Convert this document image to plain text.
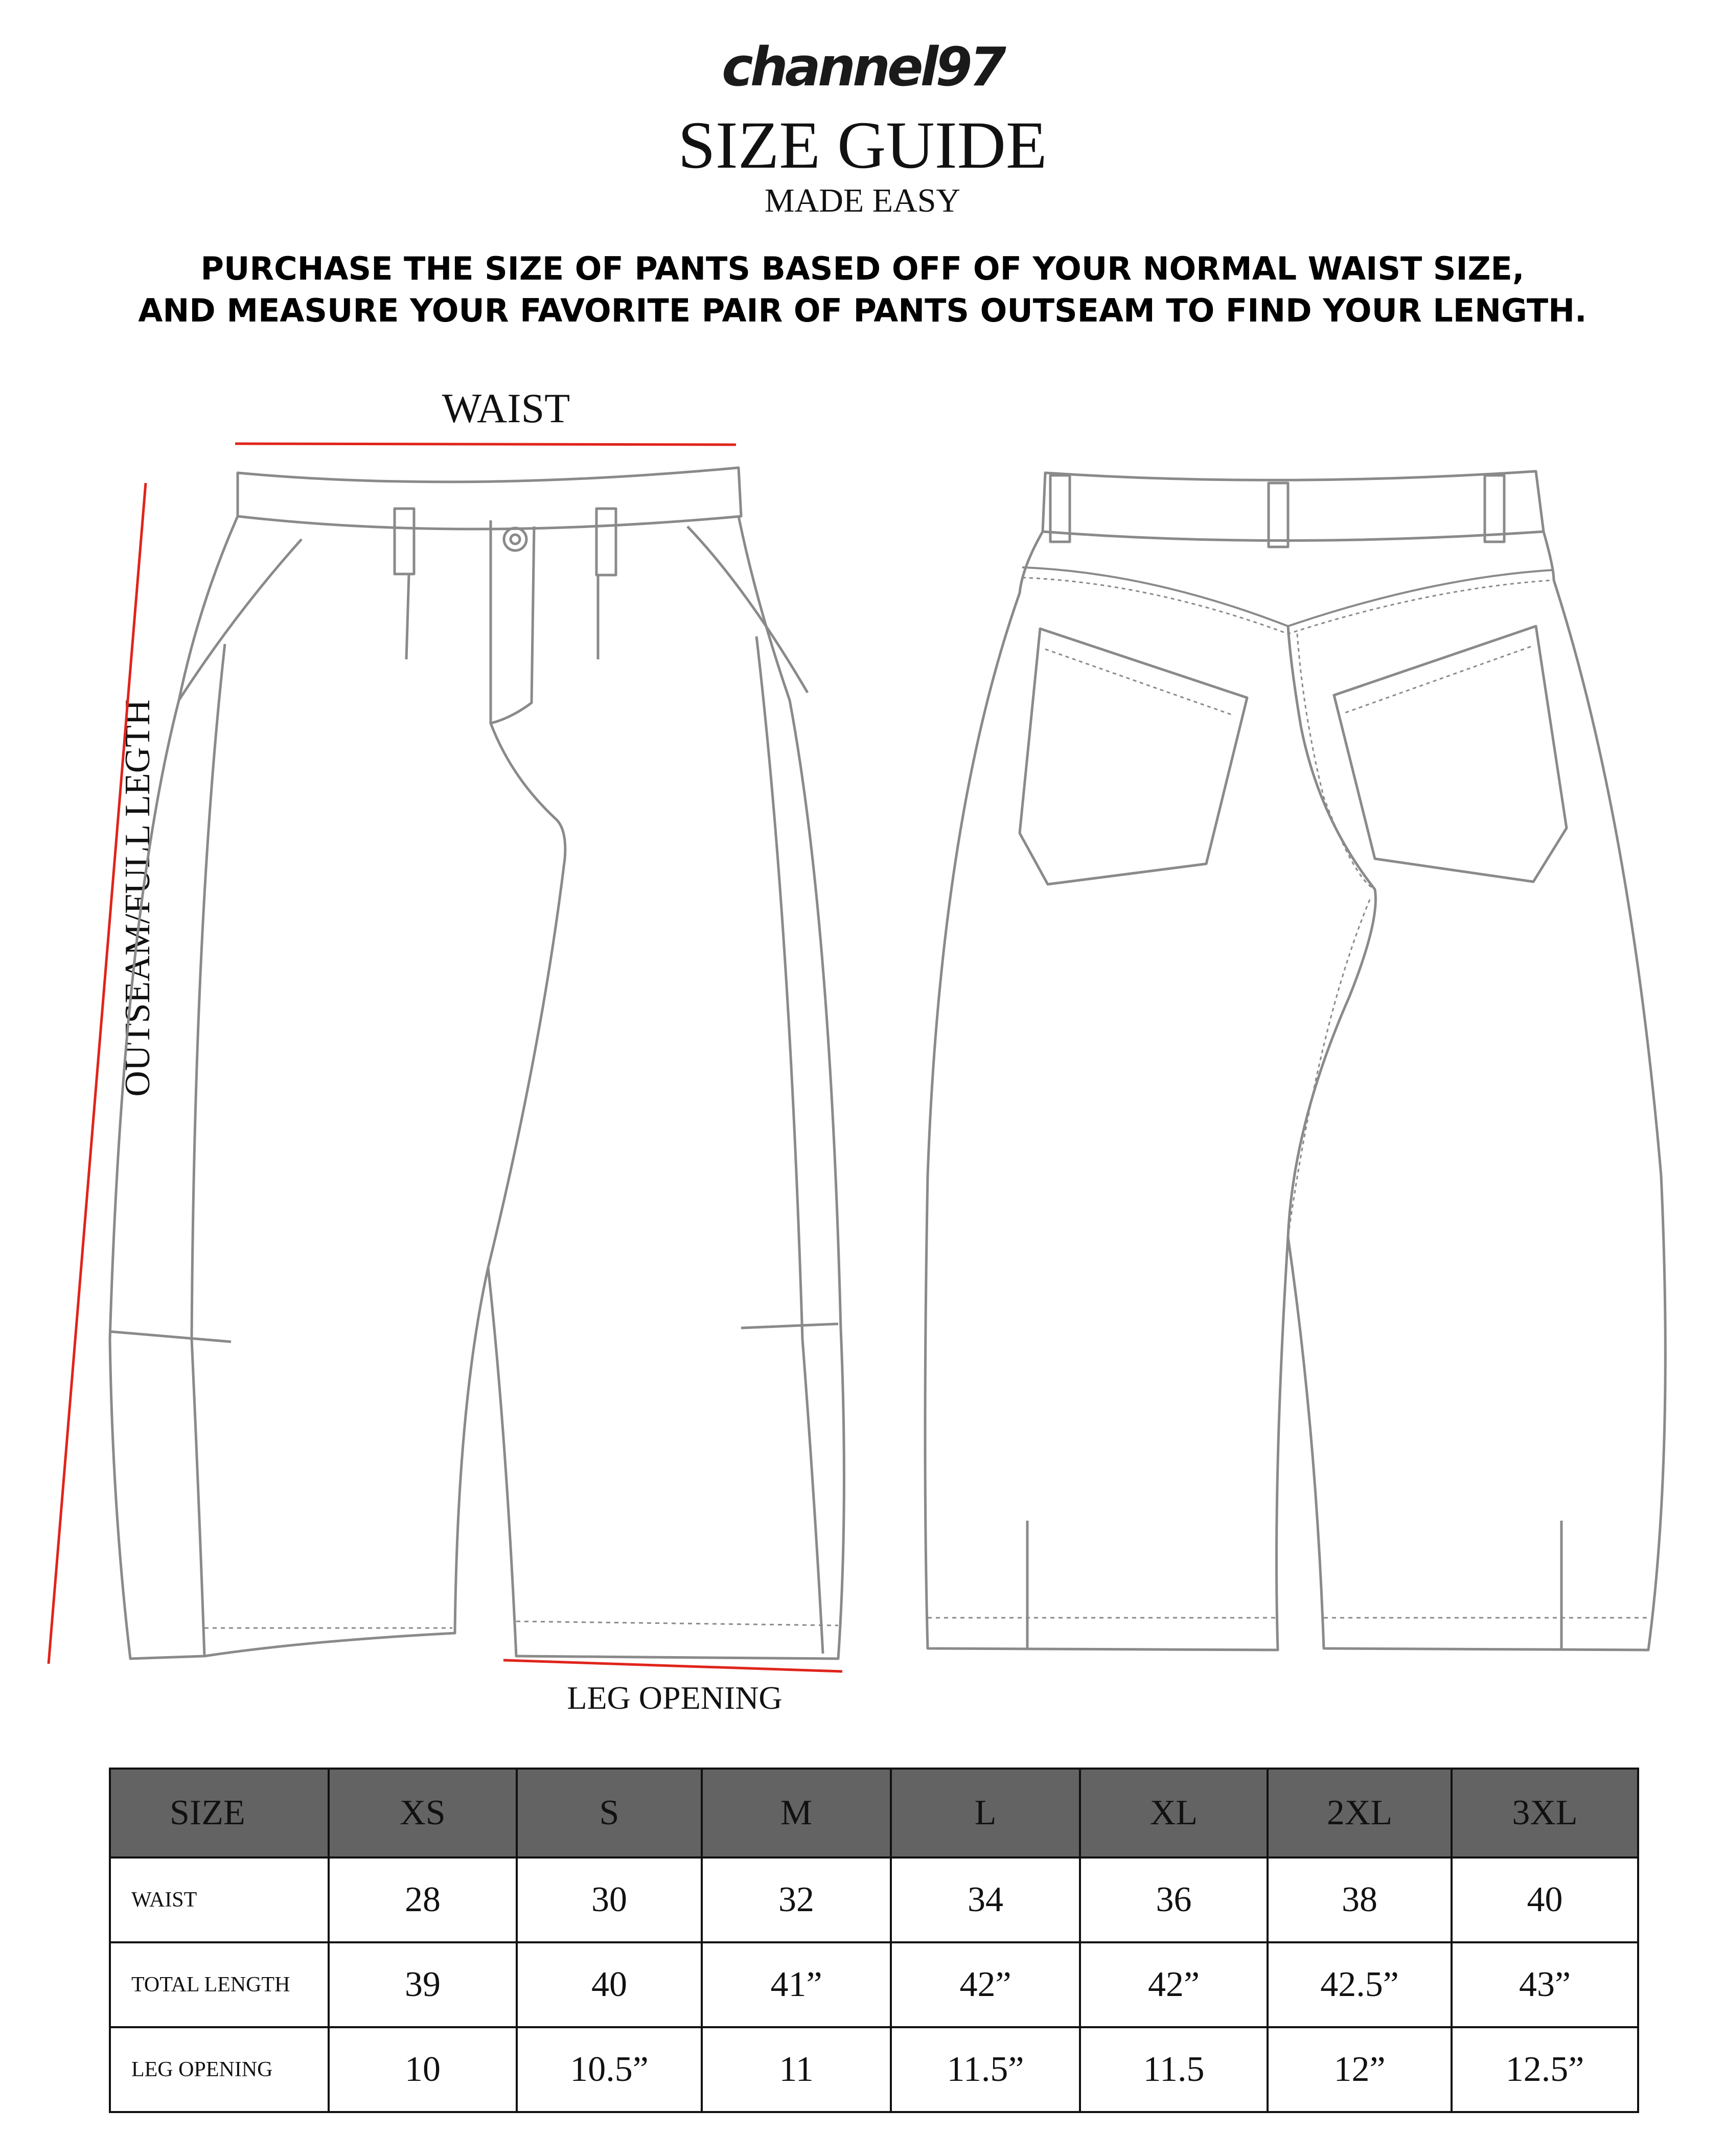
channel97
SIZE GUIDE
MADE EASY
PURCHASE THE SIZE OF PANTS BASED OFF OF YOUR NORMAL WAIST SIZE,
AND MEASURE YOUR FAVORITE PAIR OF PANTS OUTSEAM TO FIND YOUR LENGTH.
WAIST
LEG OPENING
OUTSEAM/FULL LEGTH
SIZE	XS	S	M	L	XL	2XL	3XL
WAIST	28	30	32	34	36	38	40
TOTAL LENGTH	39	40	41”	42”	42”	42.5”	43”
LEG OPENING	10	10.5”	11	11.5”	11.5	12”	12.5”
